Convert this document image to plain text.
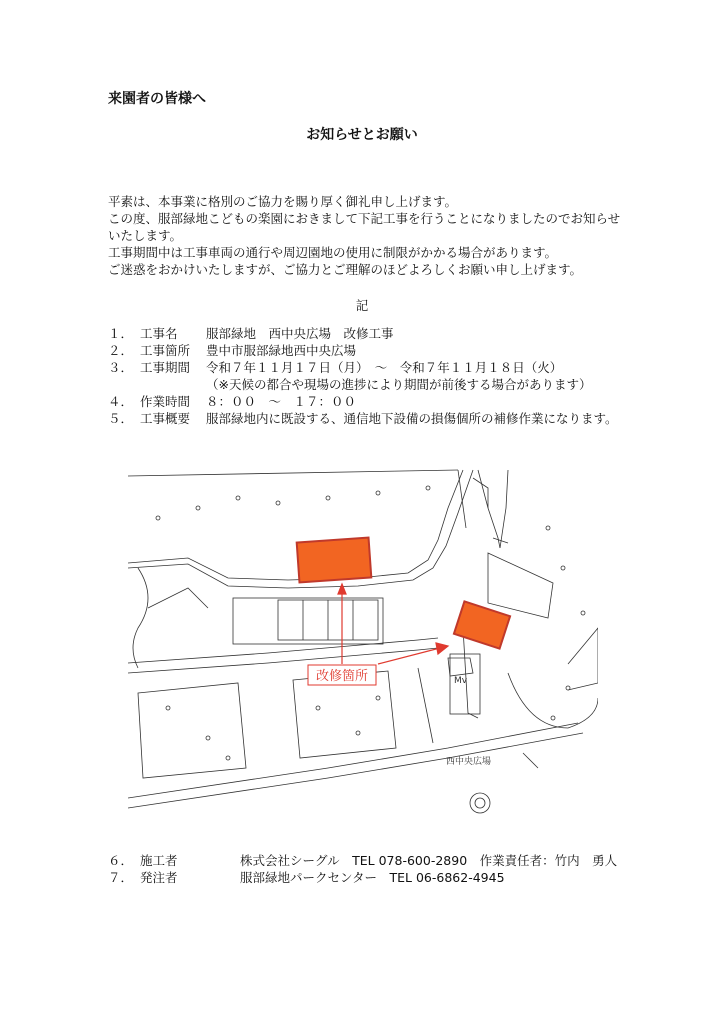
来園者の皆様へ
お知らせとお願い
平素は、本事業に格別のご協力を賜り厚く御礼申し上げます。
この度、服部緑地こどもの楽園におきまして下記工事を行うことになりましたのでお知らせいたします。
工事期間中は工事車両の通行や周辺園地の使用に制限がかかる場合があります。
ご迷惑をおかけいたしますが、ご協力とご理解のほどよろしくお願い申し上げます。
記
１． 工事名	服部緑地　西中央広場　改修工事
２． 工事箇所	豊中市服部緑地西中央広場
３． 工事期間	令和７年１１月１７日（月）　～　令和７年１１月１８日（火）
（※天候の都合や現場の進捗により期間が前後する場合があります）
４． 作業時間	８：００　～　１７：００
５． 工事概要 服部緑地内に既設する、通信地下設備の損傷個所の補修作業になります。
Mv
西中央広場
改修箇所
６． 施工者	株式会社シーグル　TEL 078-600-2890　作業責任者：竹内　勇人
７． 発注者	服部緑地パークセンター　TEL 06-6862-4945
